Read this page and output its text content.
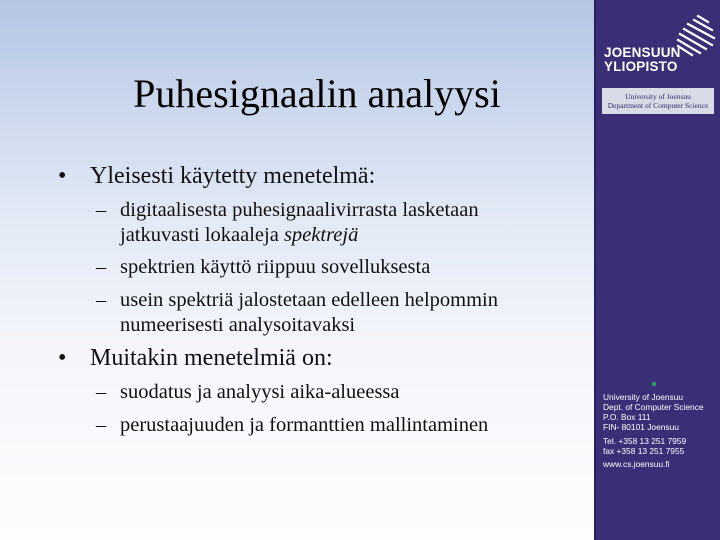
Puhesignaalin analyysi
• Yleisesti käytetty menetelmä:
– digitaalisesta puhesignaalivirrasta lasketaan
jatkuvasti lokaaleja spektrejä
– spektrien käyttö riippuu sovelluksesta
– usein spektriä jalostetaan edelleen helpommin
numeerisesti analysoitavaksi
• Muitakin menetelmiä on:
– suodatus ja analyysi aika-alueessa
– perustaajuuden ja formanttien mallintaminen
JOENSUUN
YLIOPISTO
University of Joensuu
Department of Computer Science
University of Joensuu
Dept. of Computer Science
P.O. Box 111
FIN- 80101 Joensuu
Tel. +358 13 251 7959
fax +358 13 251 7955
www.cs.joensuu.fi
